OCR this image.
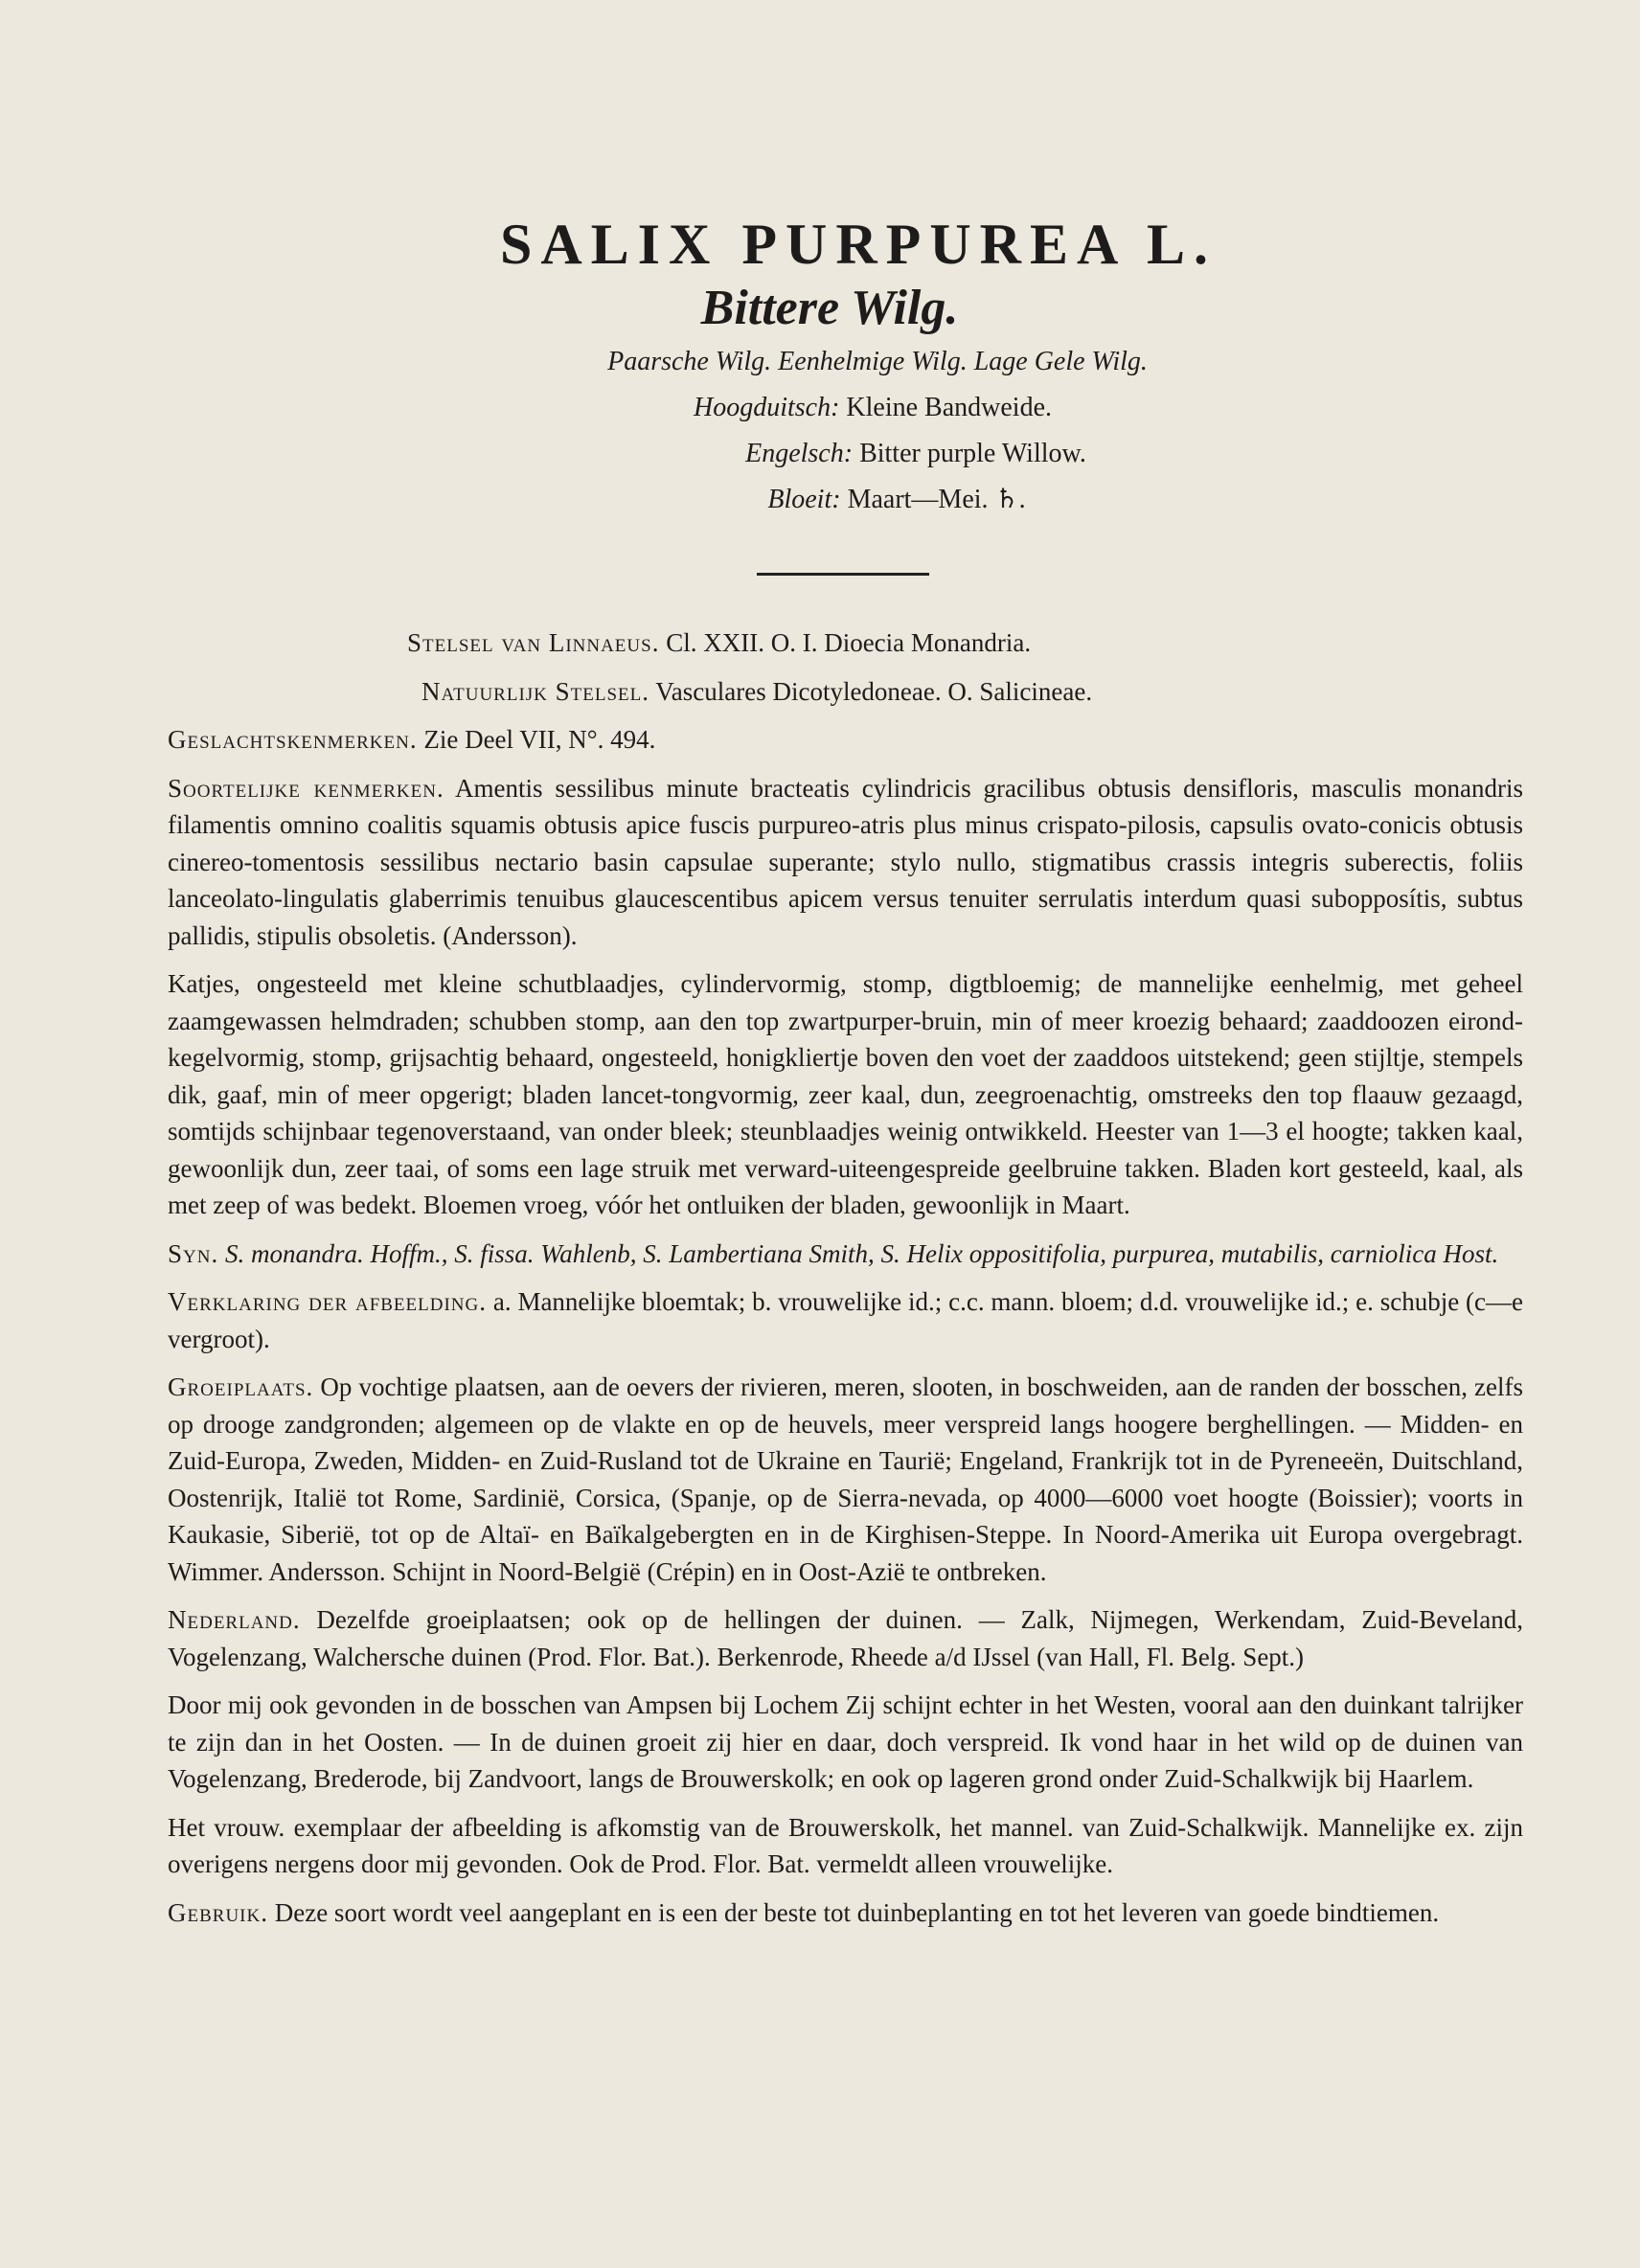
SALIX PURPUREA L.

Bittere Wilg.

Paarsche Wilg. Eenhelmige Wilg. Lage Gele Wilg.

Hoogduitsch: Kleine Bandweide.

Engelsch: Bitter purple Willow.

Bloeit: Maart—Mei. ♄.

Stelsel van Linnaeus. Cl. XXII. O. I. Dioecia Monandria.

Natuurlijk Stelsel. Vasculares Dicotyledoneae. O. Salicineae.

Geslachtskenmerken. Zie Deel VII, N°. 494.

Soortelijke kenmerken. Amentis sessilibus minute bracteatis cylindricis gracilibus obtusis densifloris, masculis monandris filamentis omnino coalitis squamis obtusis apice fuscis purpureo-atris plus minus crispato-pilosis, capsulis ovato-conicis obtusis cinereo-tomentosis sessilibus nectario basin capsulae superante; stylo nullo, stigmatibus crassis integris suberectis, foliis lanceolato-lingulatis glaberrimis tenuibus glaucescentibus apicem versus tenuiter serrulatis interdum quasi subopposítis, subtus pallidis, stipulis obsoletis. (Andersson).

Katjes, ongesteeld met kleine schutblaadjes, cylindervormig, stomp, digtbloemig; de mannelijke eenhelmig, met geheel zaamgewassen helmdraden; schubben stomp, aan den top zwartpurper-bruin, min of meer kroezig behaard; zaaddoozen eirond-kegelvormig, stomp, grijsachtig behaard, ongesteeld, honigkliertje boven den voet der zaaddoos uitstekend; geen stijltje, stempels dik, gaaf, min of meer opgerigt; bladen lancet-tongvormig, zeer kaal, dun, zeegroenachtig, omstreeks den top flaauw gezaagd, somtijds schijnbaar tegenoverstaand, van onder bleek; steunblaadjes weinig ontwikkeld. Heester van 1—3 el hoogte; takken kaal, gewoonlijk dun, zeer taai, of soms een lage struik met verward-uiteengespreide geelbruine takken. Bladen kort gesteeld, kaal, als met zeep of was bedekt. Bloemen vroeg, vóór het ontluiken der bladen, gewoonlijk in Maart.

Syn. S. monandra. Hoffm., S. fissa. Wahlenb, S. Lambertiana Smith, S. Helix oppositifolia, purpurea, mutabilis, carniolica Host.

Verklaring der afbeelding. a. Mannelijke bloemtak; b. vrouwelijke id.; c.c. mann. bloem; d.d. vrouwelijke id.; e. schubje (c—e vergroot).

Groeiplaats. Op vochtige plaatsen, aan de oevers der rivieren, meren, slooten, in boschweiden, aan de randen der bosschen, zelfs op drooge zandgronden; algemeen op de vlakte en op de heuvels, meer verspreid langs hoogere berghellingen. — Midden- en Zuid-Europa, Zweden, Midden- en Zuid-Rusland tot de Ukraine en Taurië; Engeland, Frankrijk tot in de Pyreneeën, Duitschland, Oostenrijk, Italië tot Rome, Sardinië, Corsica, (Spanje, op de Sierra-nevada, op 4000—6000 voet hoogte (Boissier); voorts in Kaukasie, Siberië, tot op de Altaï- en Baïkalgebergten en in de Kirghisen-Steppe. In Noord-Amerika uit Europa overgebragt. Wimmer. Andersson. Schijnt in Noord-België (Crépin) en in Oost-Azië te ontbreken.

Nederland. Dezelfde groeiplaatsen; ook op de hellingen der duinen. — Zalk, Nijmegen, Werkendam, Zuid-Beveland, Vogelenzang, Walchersche duinen (Prod. Flor. Bat.). Berkenrode, Rheede a/d IJssel (van Hall, Fl. Belg. Sept.)

Door mij ook gevonden in de bosschen van Ampsen bij Lochem Zij schijnt echter in het Westen, vooral aan den duinkant talrijker te zijn dan in het Oosten. — In de duinen groeit zij hier en daar, doch verspreid. Ik vond haar in het wild op de duinen van Vogelenzang, Brederode, bij Zandvoort, langs de Brouwerskolk; en ook op lageren grond onder Zuid-Schalkwijk bij Haarlem.

Het vrouw. exemplaar der afbeelding is afkomstig van de Brouwerskolk, het mannel. van Zuid-Schalkwijk. Mannelijke ex. zijn overigens nergens door mij gevonden. Ook de Prod. Flor. Bat. vermeldt alleen vrouwelijke.

Gebruik. Deze soort wordt veel aangeplant en is een der beste tot duinbeplanting en tot het leveren van goede bindtiemen.
